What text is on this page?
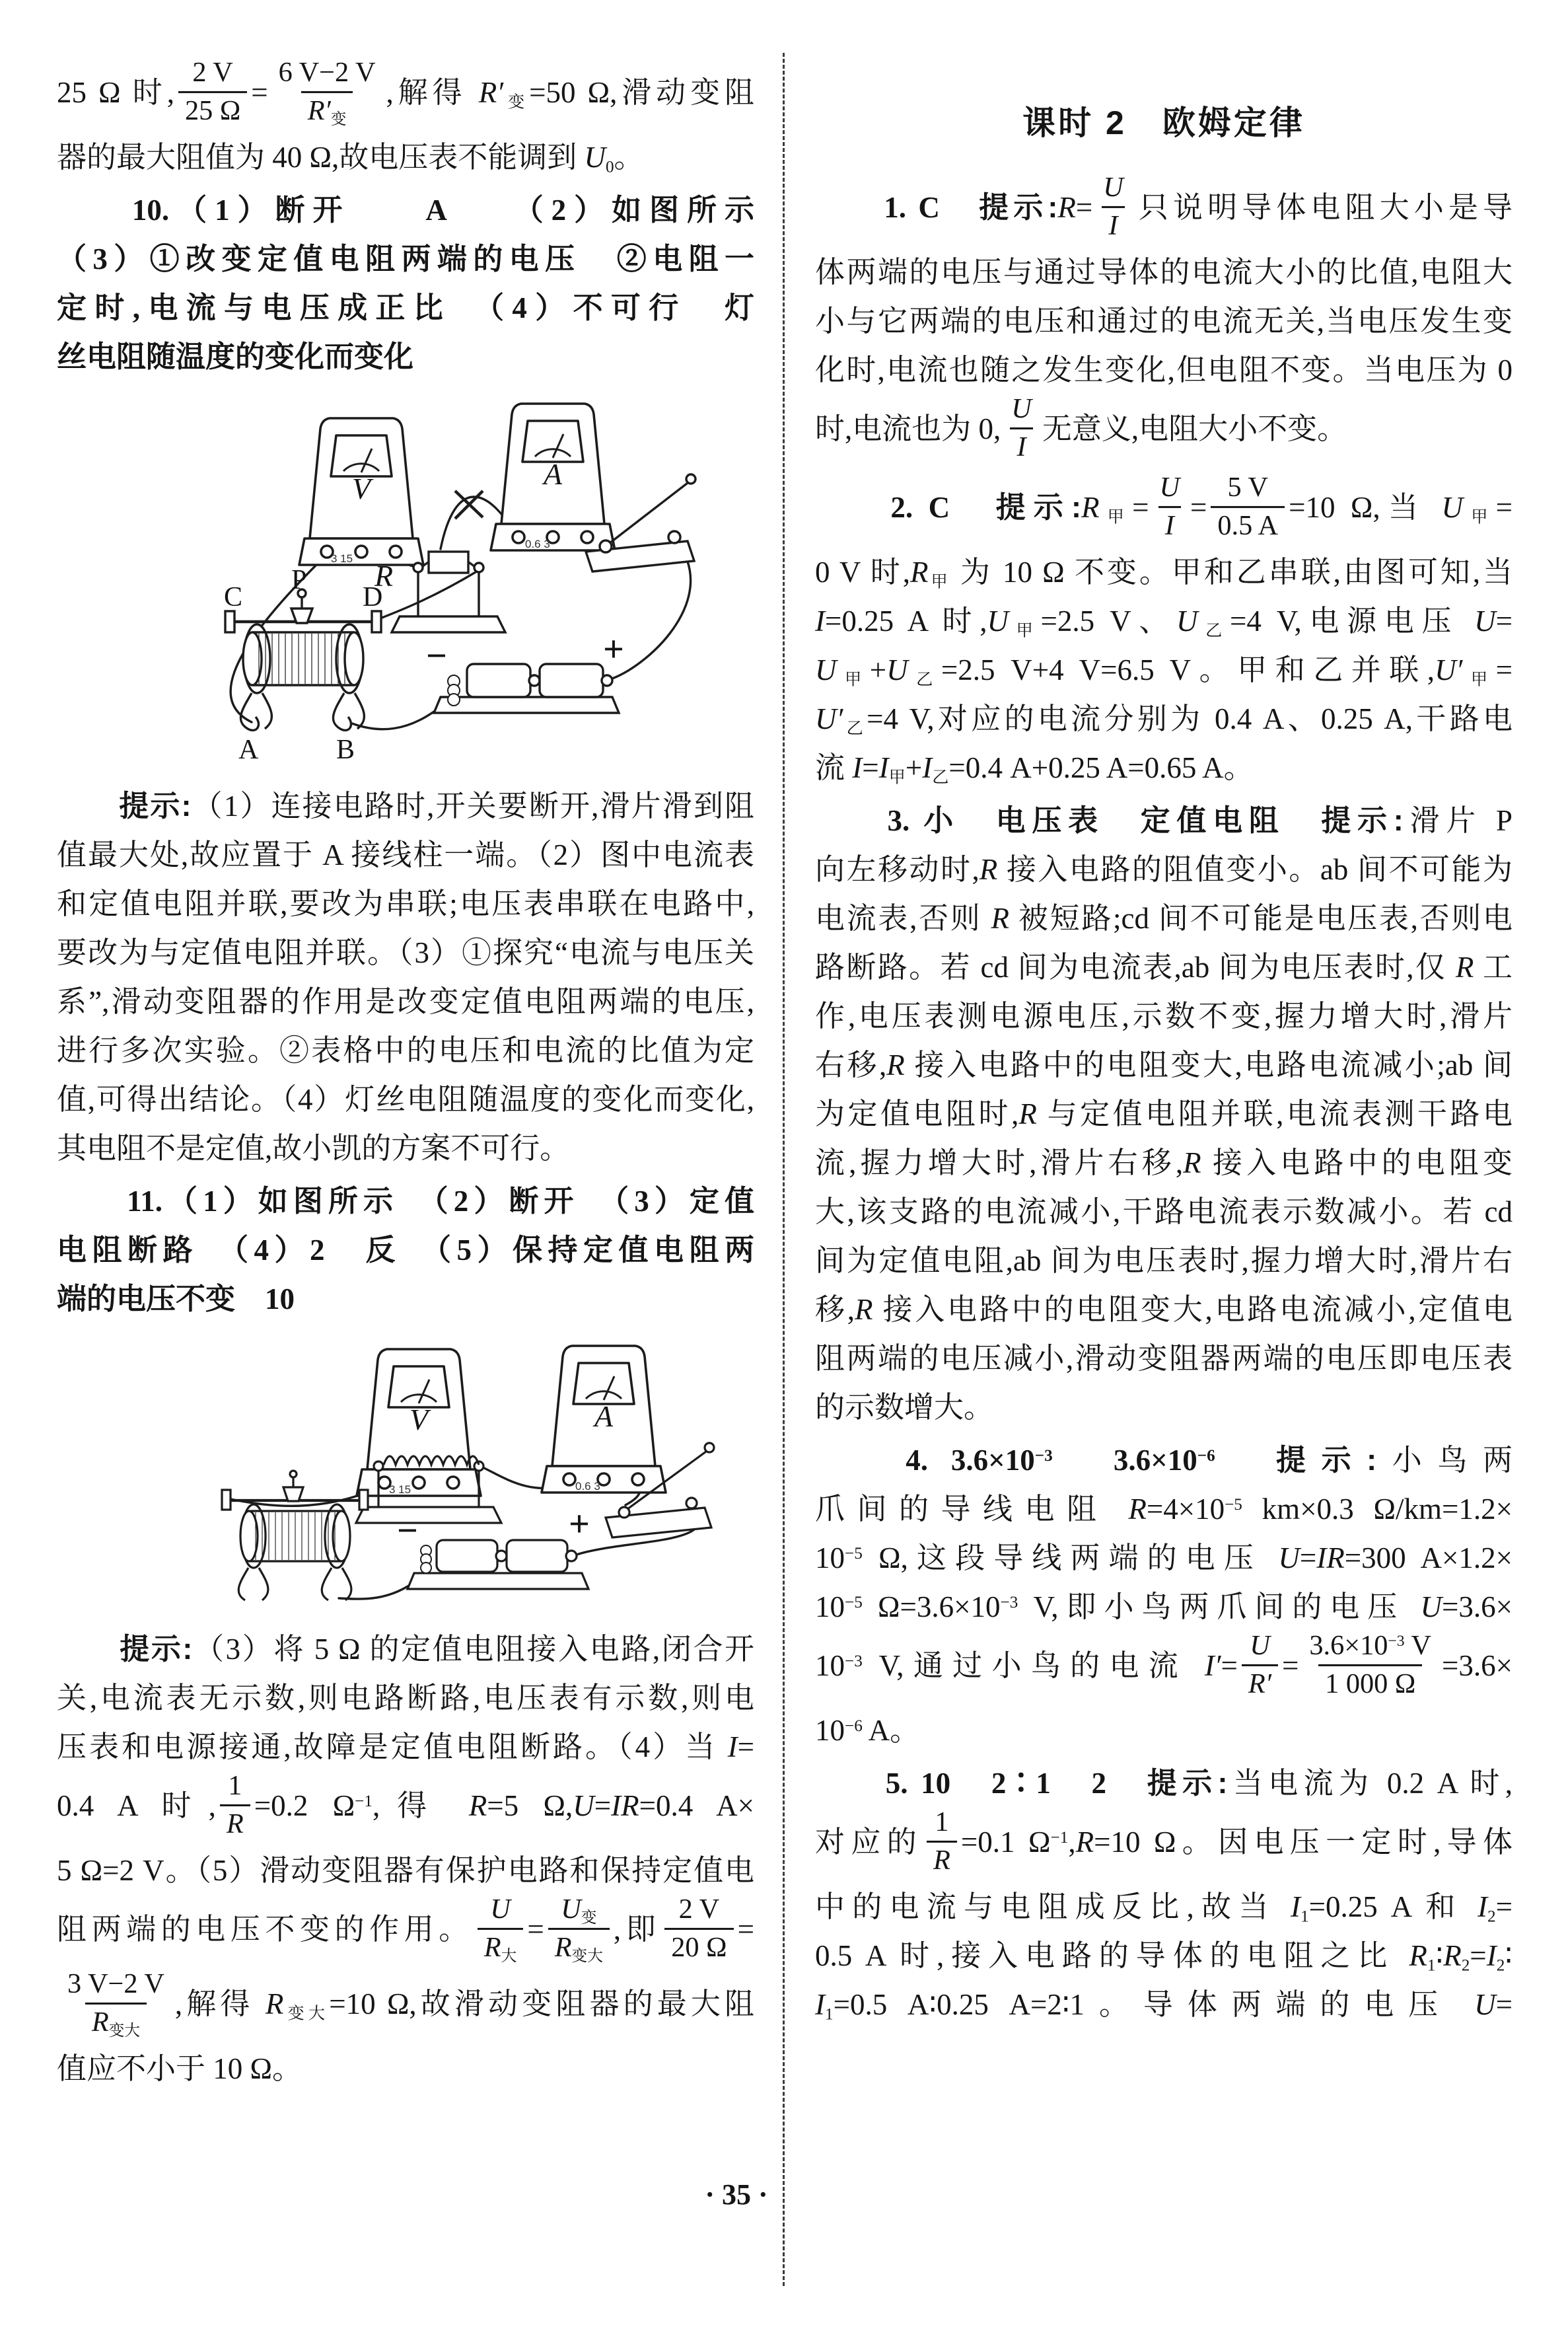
25 Ω 时, $\frac{2 V}{25 \Omega} = \frac{6 V-2 V}{R'_变}$ ,解得 $R'_变=50$ Ω,滑动变阻
器的最大阻值为 40 Ω,故电压表不能调到 $U_0$。
　　10.（1）断开　　A　　（2）如图所示
（3）①改变定值电阻两端的电压　②电阻一
定时,电流与电压成正比　（4）不可行　灯
丝电阻随温度的变化而变化
V
3 15
A
0.6 3
R
C
P
D
A	B
−	+
　　提示:（1）连接电路时,开关要断开,滑片滑到阻
值最大处,故应置于 A 接线柱一端。（2）图中电流表
和定值电阻并联,要改为串联;电压表串联在电路中,
要改为与定值电阻并联。（3）①探究“电流与电压关
系”,滑动变阻器的作用是改变定值电阻两端的电压,
进行多次实验。②表格中的电压和电流的比值为定
值,可得出结论。（4）灯丝电阻随温度的变化而变化,
其电阻不是定值,故小凯的方案不可行。
　　11.（1）如图所示　（2）断开　（3）定值
电阻断路　（4）2　反　（5）保持定值电阻两
端的电压不变　10
V
3 15
A
0.6 3
−	+
　　提示:（3）将 5 Ω 的定值电阻接入电路,闭合开
关,电流表无示数,则电路断路,电压表有示数,则电
压表和电源接通,故障是定值电阻断路。（4）当 I=
0.4 A 时, $\frac{1}{R} =0.2$ $\Omega^{-1}$,得 R=5 Ω,U=IR=0.4 A×
5 Ω=2 V。（5）滑动变阻器有保护电路和保持定值电
阻两端的电压不变的作用。 $\frac{U}{R_大} = \frac{U_变}{R_{变大}}$ ,即 $\frac{2 V}{20 \Omega}$ =
$\frac{3 V-2 V}{R_{变大}}$ ,解得 $R_{变大}=10$ Ω,故滑动变阻器的最大阻
值应不小于 10 Ω。
课时 2　欧姆定律
　　1. C　 提示:R= $\frac{U}{I}$ 只说明导体电阻大小是导
体两端的电压与通过导体的电流大小的比值,电阻大
小与它两端的电压和通过的电流无关,当电压发生变
化时,电流也随之发生变化,但电阻不变。当电压为 0
时,电流也为 0, $\frac{U}{I}$ 无意义,电阻大小不变。
　　2. C　 提示$:R_甲= \frac{U}{I} = \frac{5 V}{0.5 A} =10$ Ω,当 $U_甲=$
0 V 时$,R_甲$ 为 10 Ω 不变。甲和乙串联,由图可知,当
I=0.25 A 时$,U_甲=2.5$ V、$U_乙=4$ V,电源电压 U=
$U_甲+U_乙=2.5$ V+4 V=6.5 V。甲和乙并联$,U'_甲=$
$U'_乙=4$ V,对应的电流分别为 0.4 A、0.25 A,干路电
流 $I=I_甲+I_乙=0.4$ A+0.25 A=0.65 A。
　　3. 小　电压表　定值电阻　 提示:滑片 P
向左移动时,R 接入电路的阻值变小。ab 间不可能为
电流表,否则 R 被短路;cd 间不可能是电压表,否则电
路断路。若 cd 间为电流表,ab 间为电压表时,仅 R 工
作,电压表测电源电压,示数不变,握力增大时,滑片
右移,R 接入电路中的电阻变大,电路电流减小;ab 间
为定值电阻时,R 与定值电阻并联,电流表测干路电
流,握力增大时,滑片右移,R 接入电路中的电阻变
大,该支路的电流减小,干路电流表示数减小。若 cd
间为定值电阻,ab 间为电压表时,握力增大时,滑片右
移,R 接入电路中的电阻变大,电路电流减小,定值电
阻两端的电压减小,滑动变阻器两端的电压即电压表
的示数增大。
　　4. $3.6\times 10^{-3}$　$3.6\times 10^{-6}$　 提示:小鸟两
爪间的导线电阻 $R=4\times 10^{-5}$ km×0.3 Ω/km=1.2×
$10^{-5}$ Ω,这段导线两端的电压 U=IR=300 A×1.2×
$10^{-5}$ $\Omega=3.6\times 10^{-3}$ V,即小鸟两爪间的电压 U=3.6×
$10^{-3}$ V,通过小鸟的电流 $I'= \frac{U}{R'} = \frac{3.6\times 10^{-3} V}{1 000 \Omega} =3.6\times$
$10^{-6}$ A。
　　5. 10　2∶1　2　 提示:当电流为 0.2 A 时,
对应的 $\frac{1}{R} =0.1$ $\Omega^{-1},R=10$ Ω。因电压一定时,导体
中的电流与电阻成反比,故当 $I_1=0.25$ A 和 $I_2=$
0.5 A 时,接入电路的导体的电阻之比 $R_1∶R_2=I_2∶$
$I_1=0.5$ A∶0.25 A=2∶1。导体两端的电压 U=
· 35 ·
